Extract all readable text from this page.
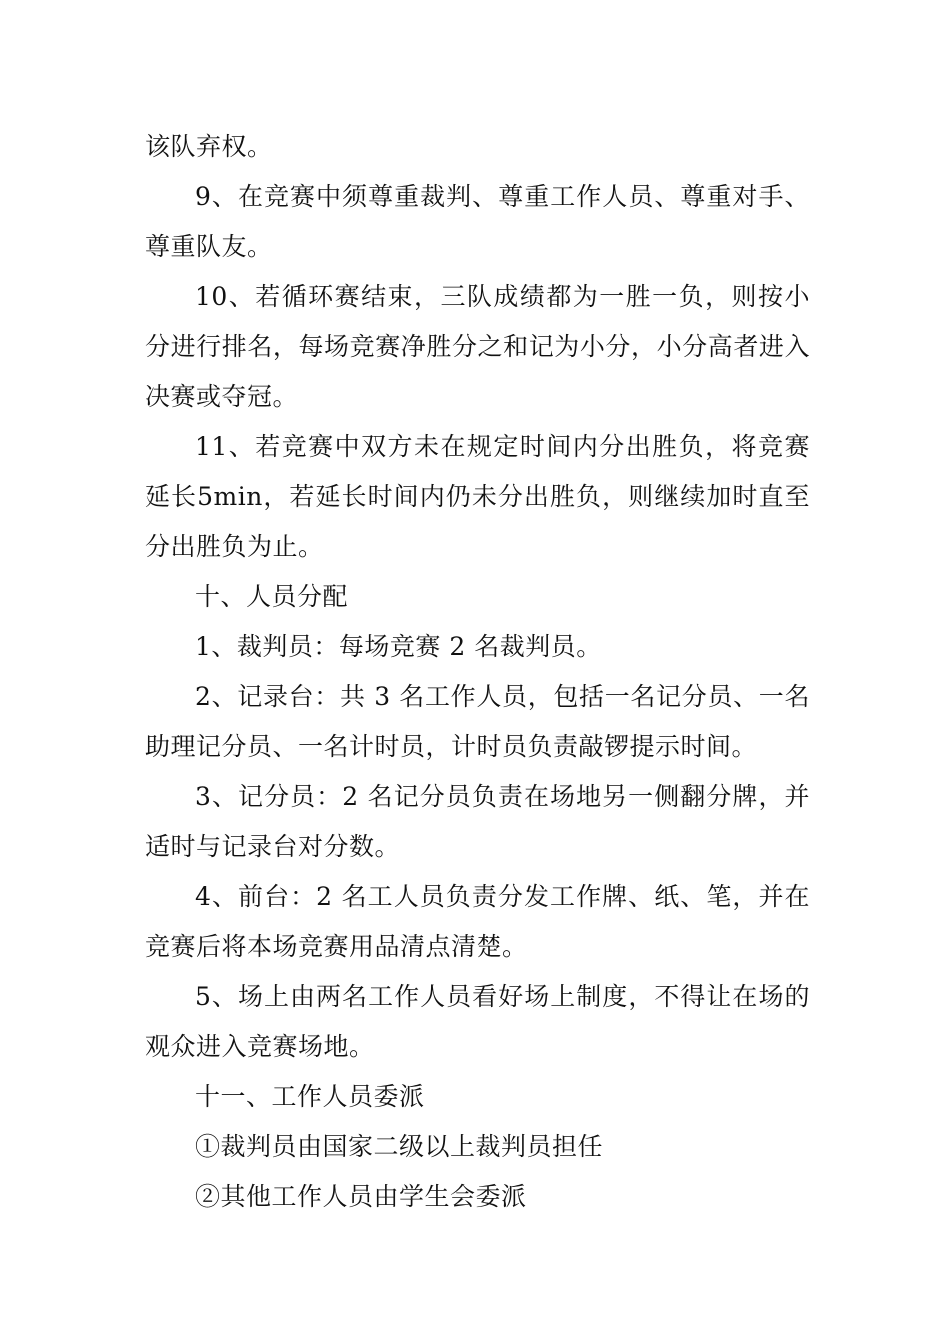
该队弃权。

9、在竞赛中须尊重裁判、尊重工作人员、尊重对手、尊重队友。

10、若循环赛结束，三队成绩都为一胜一负，则按小分进行排名，每场竞赛净胜分之和记为小分，小分高者进入决赛或夺冠。

11、若竞赛中双方未在规定时间内分出胜负，将竞赛延长5min，若延长时间内仍未分出胜负，则继续加时直至分出胜负为止。

十、人员分配

1、裁判员：每场竞赛 2 名裁判员。

2、记录台：共 3 名工作人员，包括一名记分员、一名助理记分员、一名计时员，计时员负责敲锣提示时间。

3、记分员：2 名记分员负责在场地另一侧翻分牌，并适时与记录台对分数。

4、前台：2 名工人员负责分发工作牌、纸、笔，并在竞赛后将本场竞赛用品清点清楚。

5、场上由两名工作人员看好场上制度，不得让在场的观众进入竞赛场地。

十一、工作人员委派

①裁判员由国家二级以上裁判员担任

②其他工作人员由学生会委派
